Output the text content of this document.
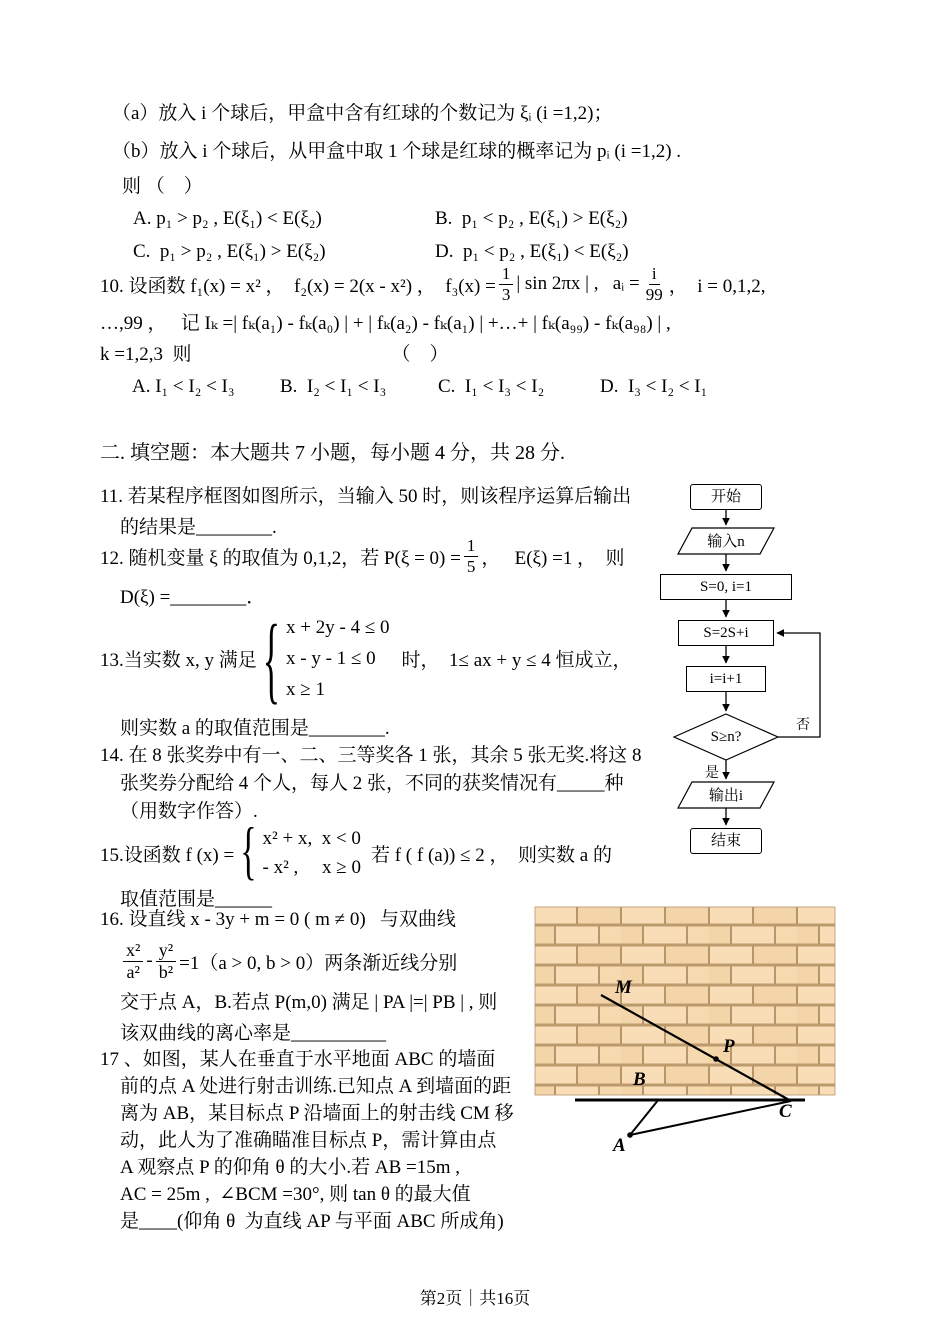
（a）放入 i 个球后，甲盒中含有红球的个数记为 ξᵢ (i =1,2)；
（b）放入 i 个球后，从甲盒中取 1 个球是红球的概率记为 pᵢ (i =1,2) .
则 （　）
A. p₁ > p₂ , E(ξ₁) < E(ξ₂)	B.  p₁ < p₂ , E(ξ₁) > E(ξ₂)
C.  p₁ > p₂ , E(ξ₁) > E(ξ₂)	D.  p₁ < p₂ , E(ξ₁) < E(ξ₂)
10. 设函数 f₁(x) = x² ，  f₂(x) = 2(x - x²) ，  $f_3(x) = \frac{1}{3}$ | sin 2πx | ,   aᵢ = $\frac{i}{99}$ ，  i = 0,1,2,
…,99 ，   记 Iₖ =| fₖ(a₁) - fₖ(a₀) | + | fₖ(a₂) - fₖ(a₁) | +…+ | fₖ(a₉₉) - fₖ(a₉₈) | ,
k =1,2,3  则	（　）
A. I₁ < I₂ < I₃	B.  I₂ < I₁ < I₃	C.  I₁ < I₃ < I₂	D.  I₃ < I₂ < I₁
二. 填空题：本大题共 7 小题，每小题 4 分，共 28 分.
11. 若某程序框图如图所示，当输入 50 时，则该程序运算后输出
的结果是________.
12. 随机变量 ξ 的取值为 0,1,2，若 $P(\xi = 0) = \frac{1}{5}$ ，   E(ξ) =1 ，  则
D(ξ) =________．
13.当实数 x, y 满足 { x + 2y - 4 ≤ 0
x - y - 1 ≤ 0
x ≥ 1
时，  1≤ ax + y ≤ 4 恒成立，
则实数 a 的取值范围是________.
14. 在 8 张奖券中有一、二、三等奖各 1 张，其余 5 张无奖.将这 8
张奖券分配给 4 个人，每人 2 张，不同的获奖情况有_____种
（用数字作答）.
15.设函数 f (x) = { x² + x,  x < 0
- x² ,     x ≥ 0
若 f ( f (a)) ≤ 2 ，  则实数 a 的
取值范围是______
16. 设直线 x - 3y + m = 0 ( m ≠ 0)   与双曲线
$\frac{\text{x²}}{\text{a²}} - \frac{\text{y²}}{\text{b²}} =1(a > 0$, b > 0）两条渐近线分别
交于点 A，B.若点 P(m,0) 满足 | PA |=| PB | , 则
该双曲线的离心率是__________
17 、如图，某人在垂直于水平地面 ABC 的墙面
前的点 A 处进行射击训练.已知点 A 到墙面的距
离为 AB，某目标点 P 沿墙面上的射击线 CM 移
动，此人为了准确瞄准目标点 P，需计算由点
A 观察点 P 的仰角 θ 的大小.若 AB =15m ,
AC = 25m ,  ∠BCM =30°, 则 tan θ 的最大值
是____(仰角 θ  为直线 AP 与平面 ABC 所成角)
开始
输入n
S=0, i=1
S=2S+i
i=i+1
S≥n?
否
是
输出i
结束
M
P
B
C
A
第2页｜共16页
